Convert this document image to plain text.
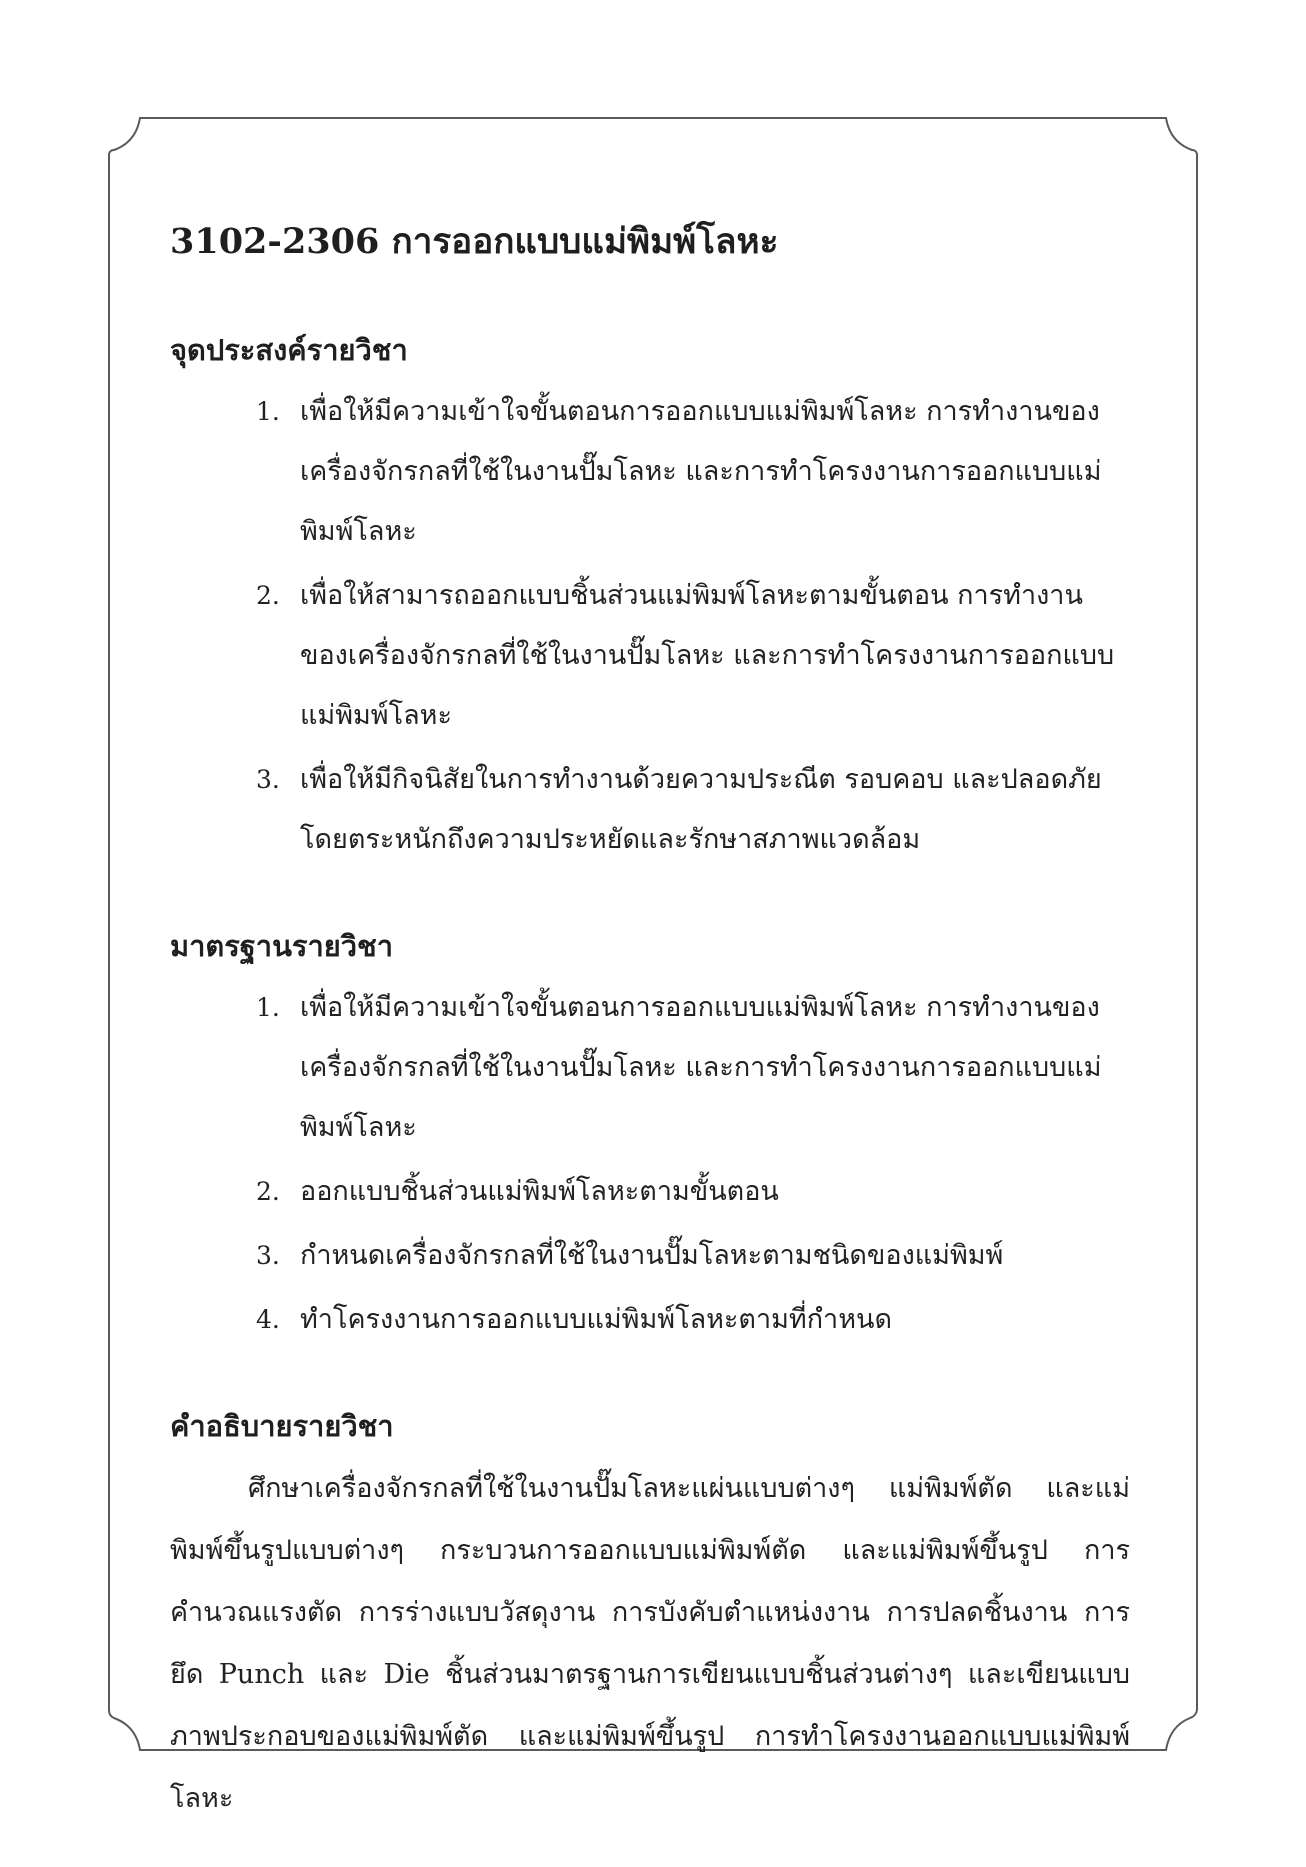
3102-2306 การออกแบบแม่พิมพ์โลหะ
จุดประสงค์รายวิชา
1. เพื่อให้มีความเข้าใจขั้นตอนการออกแบบแม่พิมพ์โลหะ การทำงานของเครื่องจักรกลที่ใช้ในงานปั๊มโลหะ และการทำโครงงานการออกแบบแม่พิมพ์โลหะ
2. เพื่อให้สามารถออกแบบชิ้นส่วนแม่พิมพ์โลหะตามขั้นตอน การทำงานของเครื่องจักรกลที่ใช้ในงานปั๊มโลหะ และการทำโครงงานการออกแบบแม่พิมพ์โลหะ
3. เพื่อให้มีกิจนิสัยในการทำงานด้วยความประณีต รอบคอบ และปลอดภัย โดยตระหนักถึงความประหยัดและรักษาสภาพแวดล้อม
มาตรฐานรายวิชา
1. เพื่อให้มีความเข้าใจขั้นตอนการออกแบบแม่พิมพ์โลหะ การทำงานของเครื่องจักรกลที่ใช้ในงานปั๊มโลหะ และการทำโครงงานการออกแบบแม่พิมพ์โลหะ
2. ออกแบบชิ้นส่วนแม่พิมพ์โลหะตามขั้นตอน
3. กำหนดเครื่องจักรกลที่ใช้ในงานปั๊มโลหะตามชนิดของแม่พิมพ์
4. ทำโครงงานการออกแบบแม่พิมพ์โลหะตามที่กำหนด
คำอธิบายรายวิชา

ศึกษาเครื่องจักรกลที่ใช้ในงานปั๊มโลหะแผ่นแบบต่างๆ แม่พิมพ์ตัด และแม่พิมพ์ขึ้นรูปแบบต่างๆ กระบวนการออกแบบแม่พิมพ์ตัด และแม่พิมพ์ขึ้นรูป การคำนวณแรงตัด การร่างแบบวัสดุงาน การบังคับตำแหน่งงาน การปลดชิ้นงาน การยึด Punch และ Die ชิ้นส่วนมาตรฐานการเขียนแบบชิ้นส่วนต่างๆ และเขียนแบบภาพประกอบของแม่พิมพ์ตัด และแม่พิมพ์ขึ้นรูป การทำโครงงานออกแบบแม่พิมพ์โลหะ
